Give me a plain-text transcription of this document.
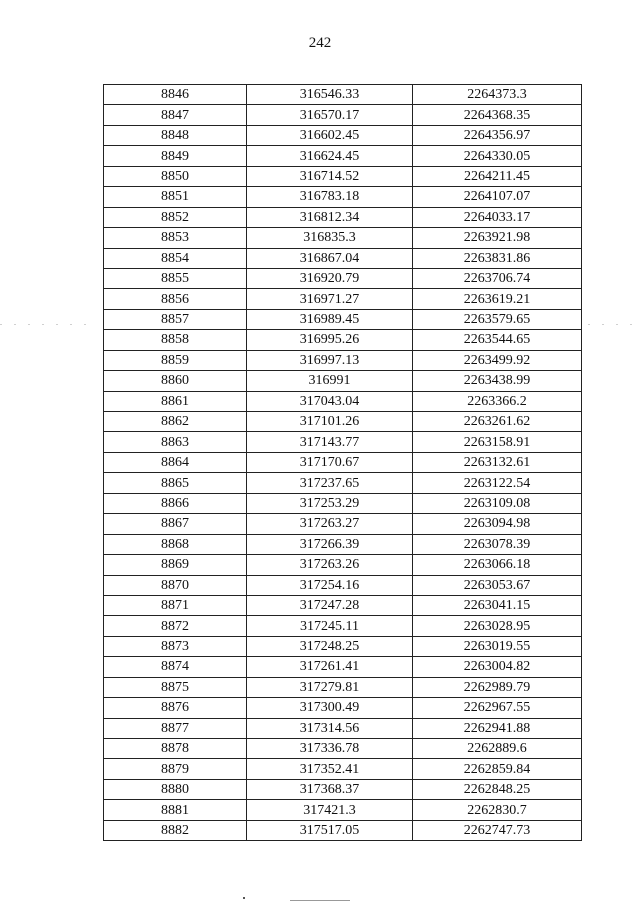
242
8846	316546.33	2264373.3
8847	316570.17	2264368.35
8848	316602.45	2264356.97
8849	316624.45	2264330.05
8850	316714.52	2264211.45
8851	316783.18	2264107.07
8852	316812.34	2264033.17
8853	316835.3	2263921.98
8854	316867.04	2263831.86
8855	316920.79	2263706.74
8856	316971.27	2263619.21
8857	316989.45	2263579.65
8858	316995.26	2263544.65
8859	316997.13	2263499.92
8860	316991	2263438.99
8861	317043.04	2263366.2
8862	317101.26	2263261.62
8863	317143.77	2263158.91
8864	317170.67	2263132.61
8865	317237.65	2263122.54
8866	317253.29	2263109.08
8867	317263.27	2263094.98
8868	317266.39	2263078.39
8869	317263.26	2263066.18
8870	317254.16	2263053.67
8871	317247.28	2263041.15
8872	317245.11	2263028.95
8873	317248.25	2263019.55
8874	317261.41	2263004.82
8875	317279.81	2262989.79
8876	317300.49	2262967.55
8877	317314.56	2262941.88
8878	317336.78	2262889.6
8879	317352.41	2262859.84
8880	317368.37	2262848.25
8881	317421.3	2262830.7
8882	317517.05	2262747.73
